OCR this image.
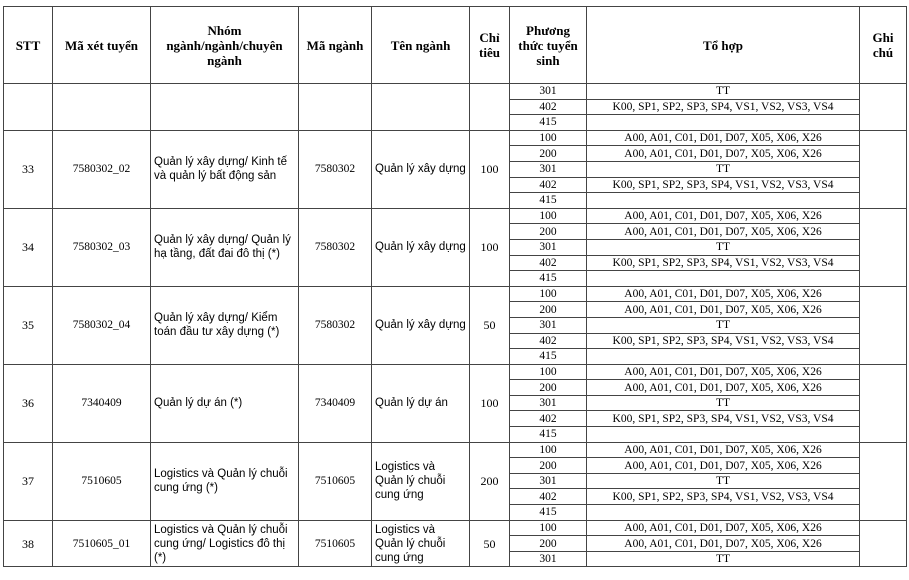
STT	Mã xét tuyển	Nhóm ngành/ngành/chuyên ngành	Mã ngành	Tên ngành	Chỉ tiêu	Phương thức tuyển sinh	Tổ hợp	Ghi chú
						301	TT	
						402	K00, SP1, SP2, SP3, SP4, VS1, VS2, VS3, VS4	
						415		
33	7580302_02	Quản lý xây dựng/ Kinh tế và quản lý bất động sản	7580302	Quản lý xây dựng	100	100	A00, A01, C01, D01, D07, X05, X06, X26	
						200	A00, A01, C01, D01, D07, X05, X06, X26	
						301	TT	
						402	K00, SP1, SP2, SP3, SP4, VS1, VS2, VS3, VS4	
						415		
34	7580302_03	Quản lý xây dựng/ Quản lý hạ tầng, đất đai đô thị (*)	7580302	Quản lý xây dựng	100	100	A00, A01, C01, D01, D07, X05, X06, X26	
						200	A00, A01, C01, D01, D07, X05, X06, X26	
						301	TT	
						402	K00, SP1, SP2, SP3, SP4, VS1, VS2, VS3, VS4	
						415		
35	7580302_04	Quản lý xây dựng/ Kiểm toán đầu tư xây dựng (*)	7580302	Quản lý xây dựng	50	100	A00, A01, C01, D01, D07, X05, X06, X26	
						200	A00, A01, C01, D01, D07, X05, X06, X26	
						301	TT	
						402	K00, SP1, SP2, SP3, SP4, VS1, VS2, VS3, VS4	
						415		
36	7340409	Quản lý dự án (*)	7340409	Quản lý dự án	100	100	A00, A01, C01, D01, D07, X05, X06, X26	
						200	A00, A01, C01, D01, D07, X05, X06, X26	
						301	TT	
						402	K00, SP1, SP2, SP3, SP4, VS1, VS2, VS3, VS4	
						415		
37	7510605	Logistics và Quản lý chuỗi cung ứng (*)	7510605	Logistics và Quản lý chuỗi cung ứng	200	100	A00, A01, C01, D01, D07, X05, X06, X26	
						200	A00, A01, C01, D01, D07, X05, X06, X26	
						301	TT	
						402	K00, SP1, SP2, SP3, SP4, VS1, VS2, VS3, VS4	
						415		
38	7510605_01	Logistics và Quản lý chuỗi cung ứng/ Logistics đô thị (*)	7510605	Logistics và Quản lý chuỗi cung ứng	50	100	A00, A01, C01, D01, D07, X05, X06, X26	
						200	A00, A01, C01, D01, D07, X05, X06, X26	
						301	TT	
